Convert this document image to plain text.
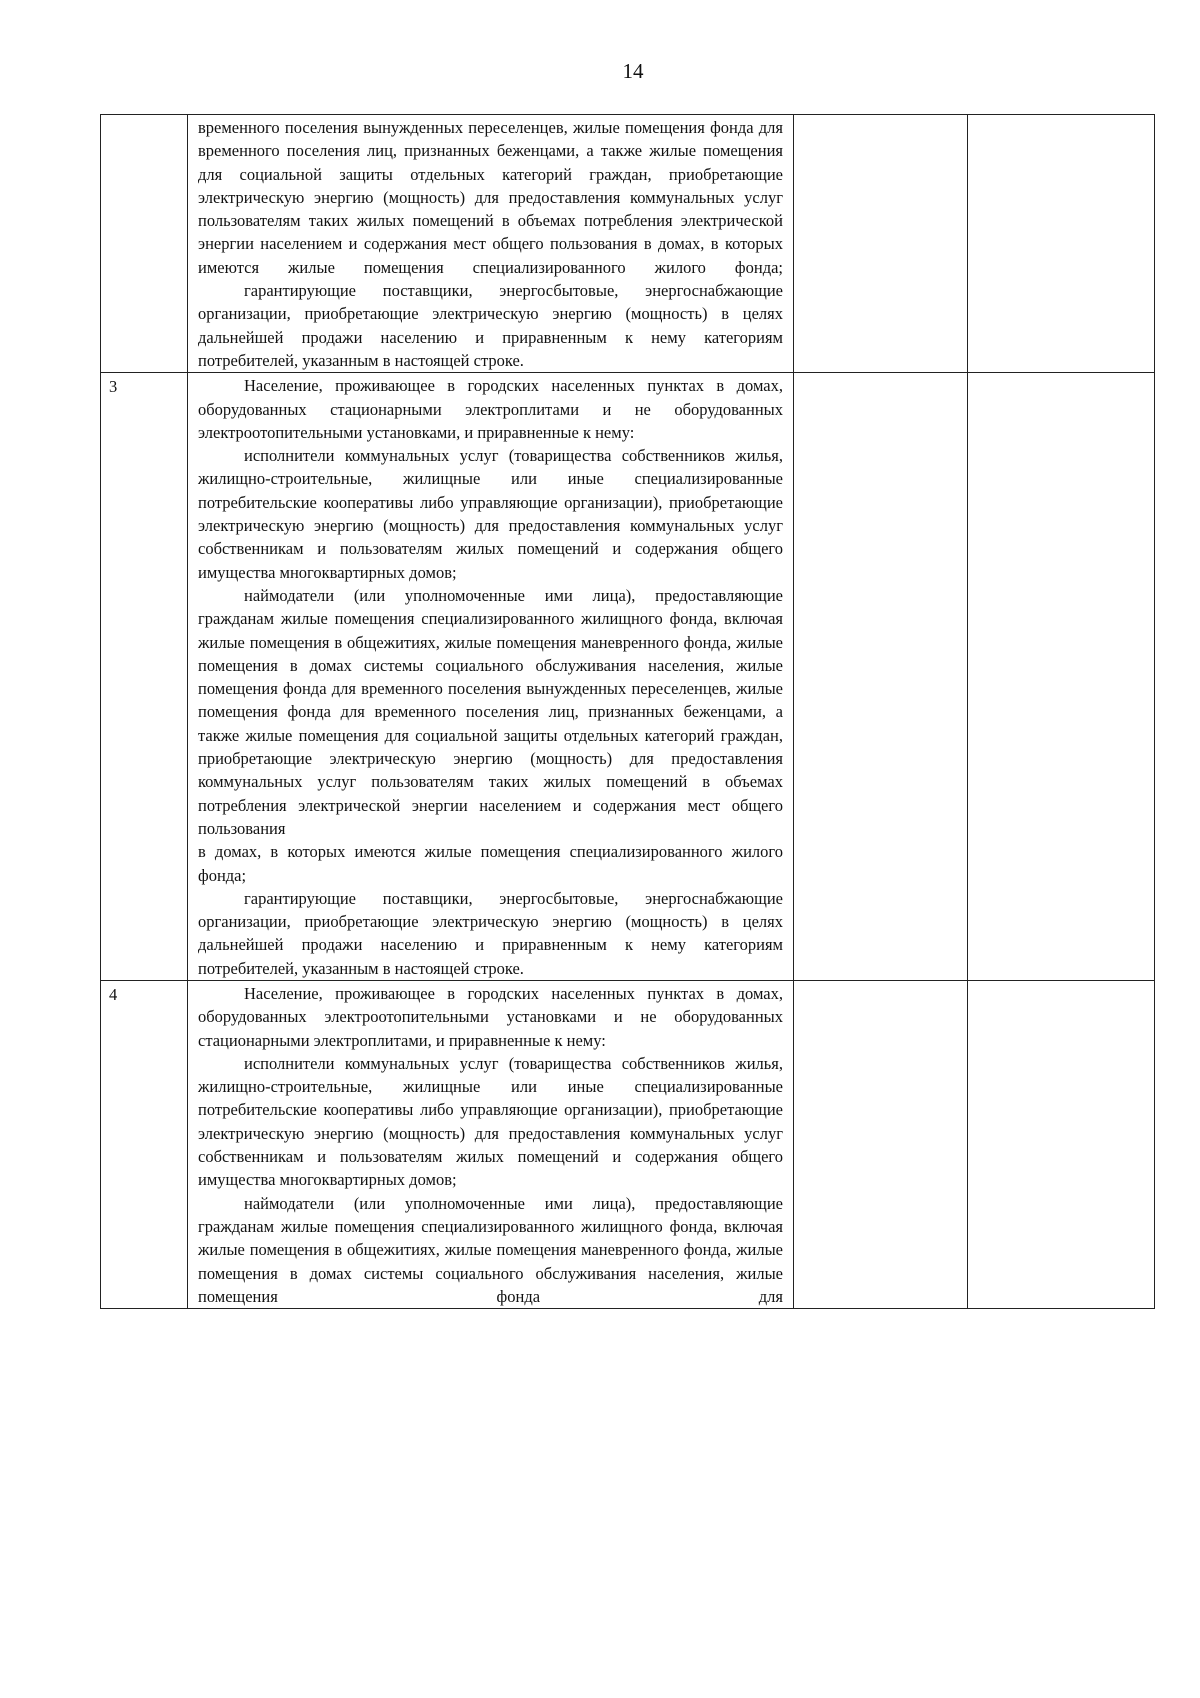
14

	временного поселения вынужденных переселенцев, жилые помещения фонда для временного поселения лиц, признанных беженцами, а также жилые помещения для социальной защиты отдельных категорий граждан, приобретающие электрическую энергию (мощность) для предоставления коммунальных услуг пользователям таких жилых помещений в объемах потребления электрической энергии населением и содержания мест общего пользования в домах, в которых имеются жилые помещения специализированного жилого фонда;
гарантирующие поставщики, энергосбытовые, энергоснабжающие организации, приобретающие электрическую энергию (мощность) в целях дальнейшей продажи населению и приравненным к нему категориям потребителей, указанным в настоящей строке.		

3	Население, проживающее в городских населенных пунктах в домах, оборудованных стационарными электроплитами и не оборудованных электроотопительными установками, и приравненные к нему:
исполнители коммунальных услуг (товарищества собственников жилья, жилищно-строительные, жилищные или иные специализированные потребительские кооперативы либо управляющие организации), приобретающие электрическую энергию (мощность) для предоставления коммунальных услуг собственникам и пользователям жилых помещений и содержания общего имущества многоквартирных домов;
наймодатели (или уполномоченные ими лица), предоставляющие гражданам жилые помещения специализированного жилищного фонда, включая жилые помещения в общежитиях, жилые помещения маневренного фонда, жилые помещения в домах системы социального обслуживания населения, жилые помещения фонда для временного поселения вынужденных переселенцев, жилые помещения фонда для временного поселения лиц, признанных беженцами, а также жилые помещения для социальной защиты отдельных категорий граждан, приобретающие электрическую энергию (мощность) для предоставления коммунальных услуг пользователям таких жилых помещений в объемах потребления электрической энергии населением и содержания мест общего пользования
в домах, в которых имеются жилые помещения специализированного жилого фонда;
гарантирующие поставщики, энергосбытовые, энергоснабжающие организации, приобретающие электрическую энергию (мощность) в целях дальнейшей продажи населению и приравненным к нему категориям потребителей, указанным в настоящей строке.		

4	Население, проживающее в городских населенных пунктах в домах, оборудованных электроотопительными установками и не оборудованных стационарными электроплитами, и приравненные к нему:
исполнители коммунальных услуг (товарищества собственников жилья, жилищно-строительные, жилищные или иные специализированные потребительские кооперативы либо управляющие организации), приобретающие электрическую энергию (мощность) для предоставления коммунальных услуг собственникам и пользователям жилых помещений и содержания общего имущества многоквартирных домов;
наймодатели (или уполномоченные ими лица), предоставляющие гражданам жилые помещения специализированного жилищного фонда, включая жилые помещения в общежитиях, жилые помещения маневренного фонда, жилые помещения в домах системы социального обслуживания населения, жилые помещения фонда для		
